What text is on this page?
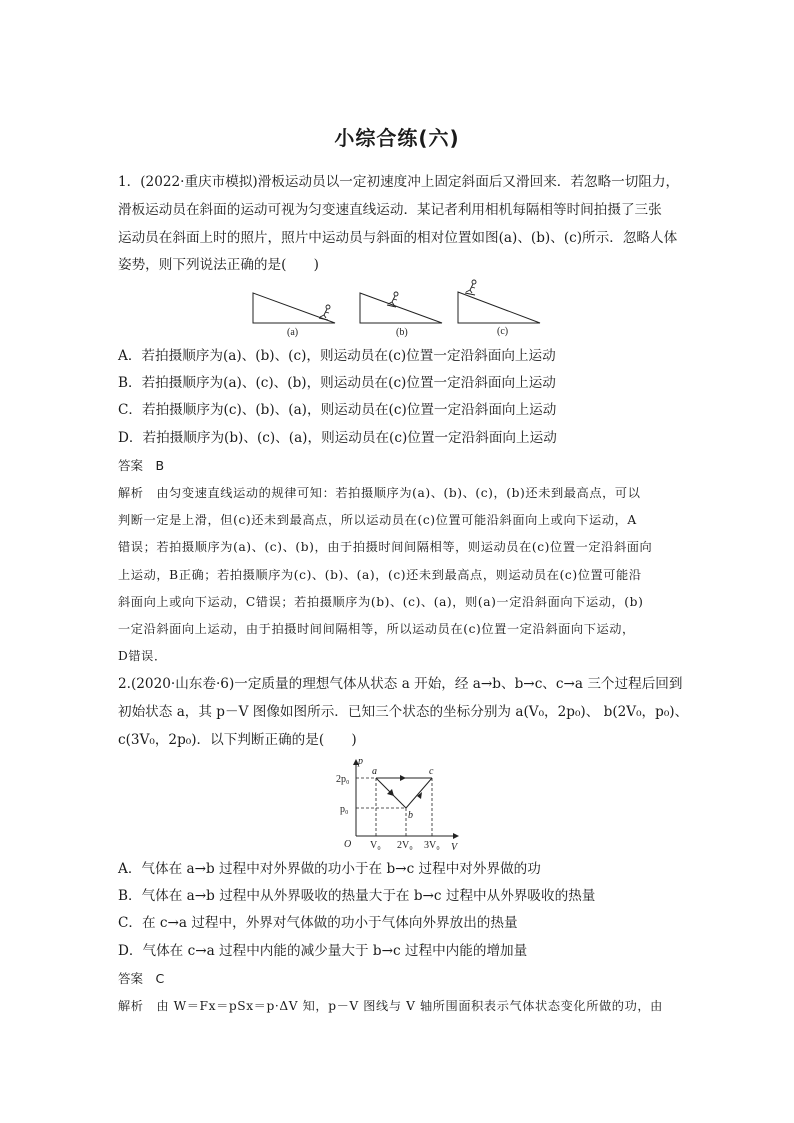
小综合练(六)
1．(2022·重庆市模拟)滑板运动员以一定初速度冲上固定斜面后又滑回来．若忽略一切阻力，
滑板运动员在斜面的运动可视为匀变速直线运动．某记者利用相机每隔相等时间拍摄了三张
运动员在斜面上时的照片，照片中运动员与斜面的相对位置如图(a)、(b)、(c)所示．忽略人体
姿势，则下列说法正确的是(　　)
(a)	(b)	(c)
A．若拍摄顺序为(a)、(b)、(c)，则运动员在(c)位置一定沿斜面向上运动
B．若拍摄顺序为(a)、(c)、(b)，则运动员在(c)位置一定沿斜面向上运动
C．若拍摄顺序为(c)、(b)、(a)，则运动员在(c)位置一定沿斜面向上运动
D．若拍摄顺序为(b)、(c)、(a)，则运动员在(c)位置一定沿斜面向上运动
答案　B
解析　由匀变速直线运动的规律可知：若拍摄顺序为(a)、(b)、(c)，(b)还未到最高点，可以
判断一定是上滑，但(c)还未到最高点，所以运动员在(c)位置可能沿斜面向上或向下运动，A
错误；若拍摄顺序为(a)、(c)、(b)，由于拍摄时间间隔相等，则运动员在(c)位置一定沿斜面向
上运动，B正确；若拍摄顺序为(c)、(b)、(a)，(c)还未到最高点，则运动员在(c)位置可能沿
斜面向上或向下运动，C错误；若拍摄顺序为(b)、(c)、(a)，则(a)一定沿斜面向下运动，(b)
一定沿斜面向上运动，由于拍摄时间间隔相等，所以运动员在(c)位置一定沿斜面向下运动，
D错误．
2.(2020·山东卷·6)一定质量的理想气体从状态 a 开始，经 a→b、b→c、c→a 三个过程后回到
初始状态 a，其 p－V 图像如图所示．已知三个状态的坐标分别为 a(V₀，2p₀)、 b(2V₀，p₀)、
c(3V₀，2p₀)．以下判断正确的是(　　)
p
V
O
2p₀
p₀
V₀ 2V₀ 3V₀
a
b
c
A．气体在 a→b 过程中对外界做的功小于在 b→c 过程中对外界做的功
B．气体在 a→b 过程中从外界吸收的热量大于在 b→c 过程中从外界吸收的热量
C．在 c→a 过程中，外界对气体做的功小于气体向外界放出的热量
D．气体在 c→a 过程中内能的减少量大于 b→c 过程中内能的增加量
答案　C
解析　由 W＝Fx＝pSx＝p·ΔV 知，p－V 图线与 V 轴所围面积表示气体状态变化所做的功，由
